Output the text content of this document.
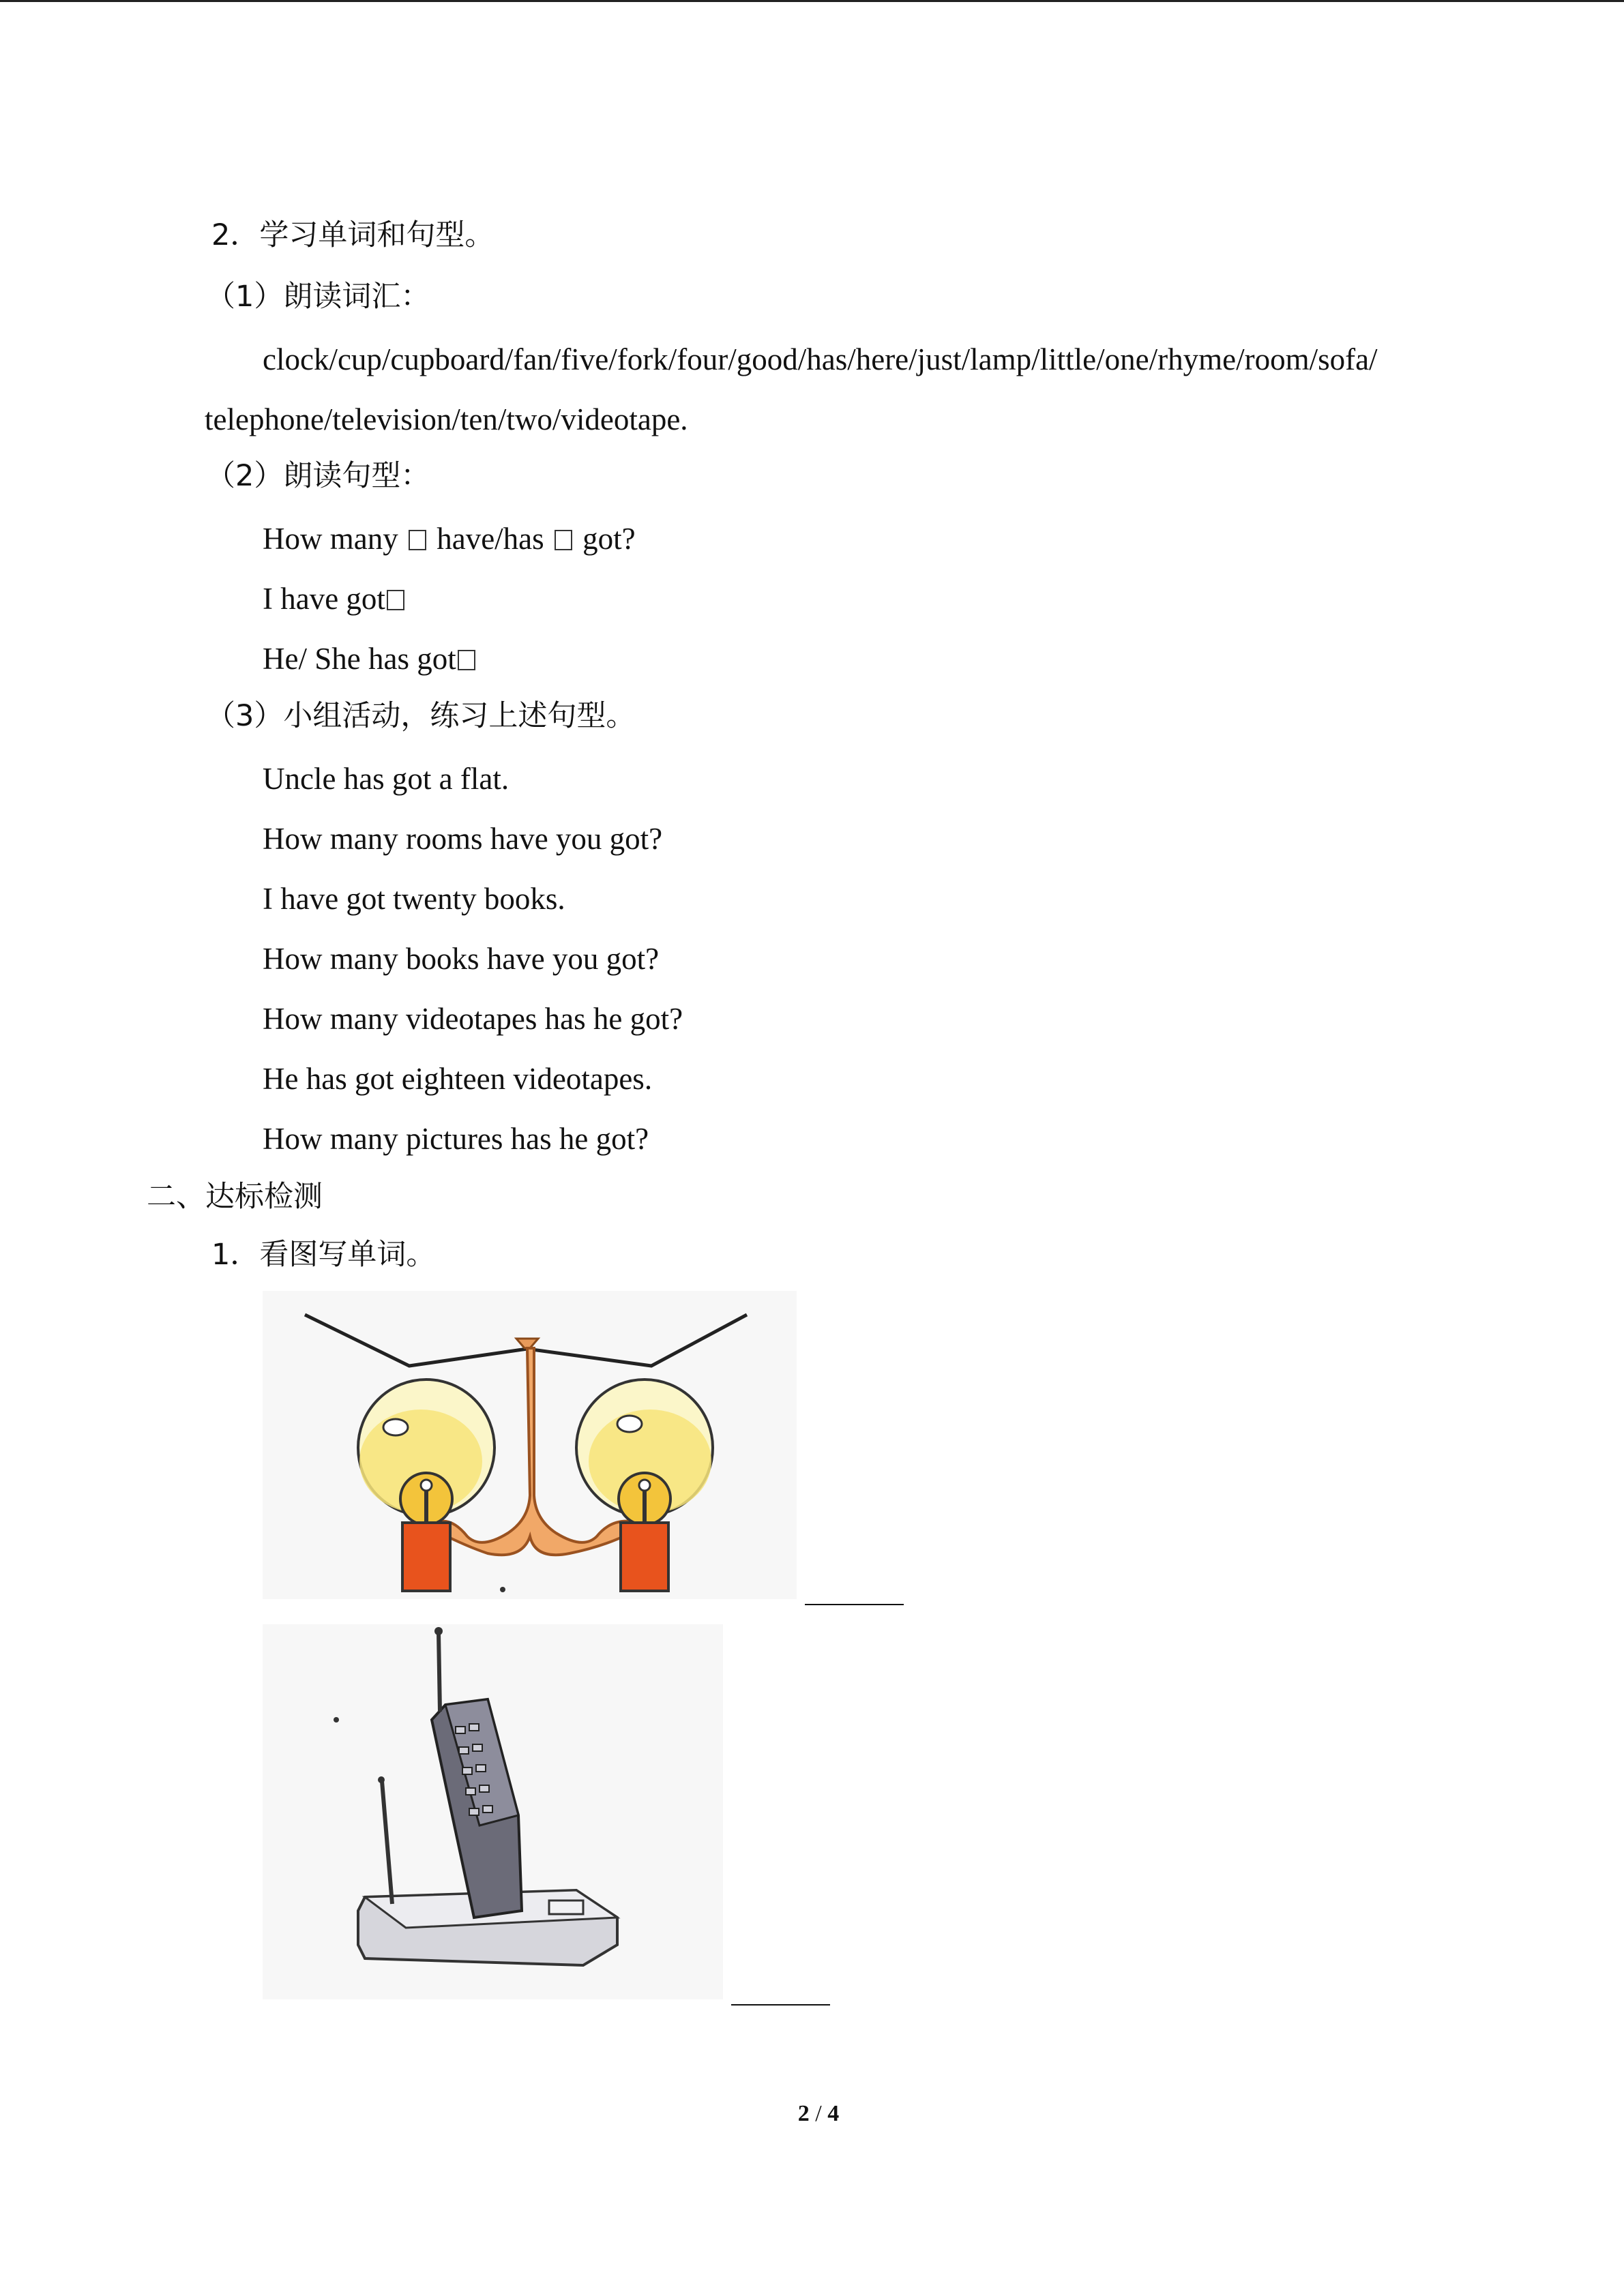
2．学习单词和句型。
（1）朗读词汇：
clock/cup/cupboard/fan/five/fork/four/good/has/here/just/lamp/little/one/rhyme/room/sofa/
telephone/television/ten/two/videotape.
（2）朗读句型：
How many have/has got?
I have got
He/ She has got
（3）小组活动，练习上述句型。
Uncle has got a flat.
How many rooms have you got?
I have got twenty books.
How many books have you got?
How many videotapes has he got?
He has got eighteen videotapes.
How many pictures has he got?
二、达标检测
1．看图写单词。
2 / 4
